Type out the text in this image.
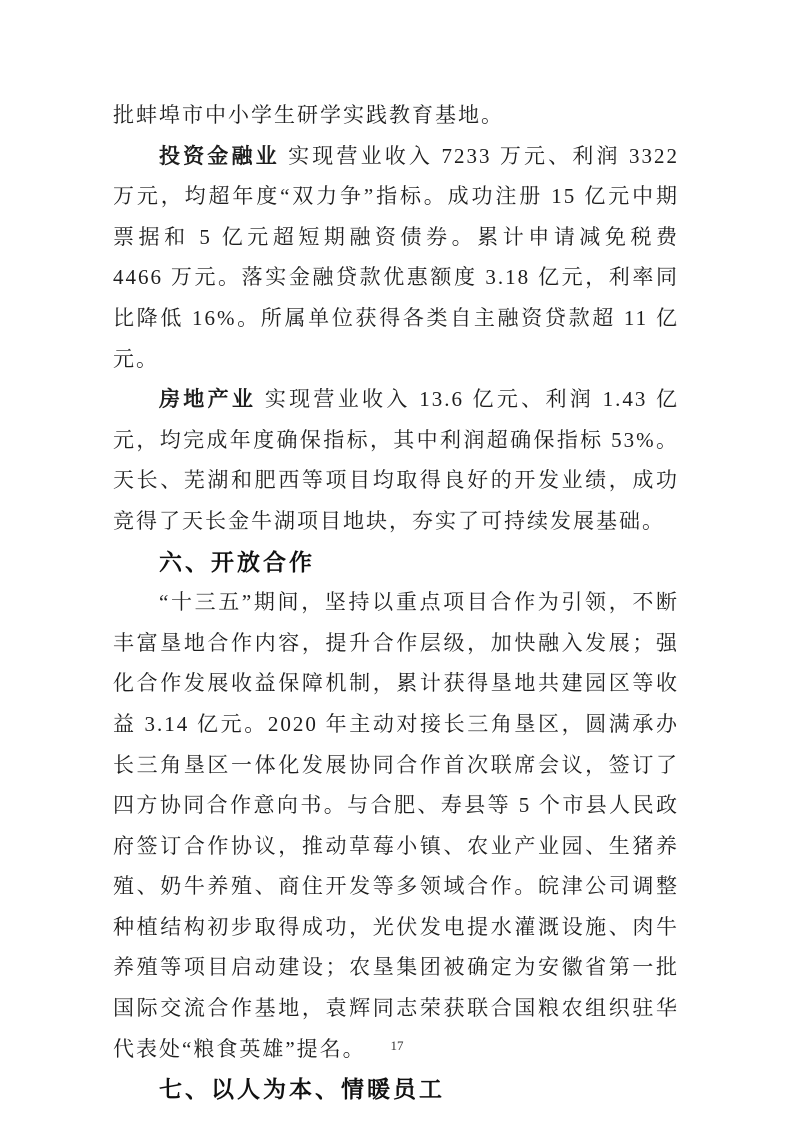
批蚌埠市中小学生研学实践教育基地。

投资金融业 实现营业收入 7233 万元、利润 3322 万元，均超年度“双力争”指标。成功注册 15 亿元中期票据和 5 亿元超短期融资债券。累计申请减免税费 4466 万元。落实金融贷款优惠额度 3.18 亿元，利率同比降低 16%。所属单位获得各类自主融资贷款超 11 亿元。

房地产业 实现营业收入 13.6 亿元、利润 1.43 亿元，均完成年度确保指标，其中利润超确保指标 53%。天长、芜湖和肥西等项目均取得良好的开发业绩，成功竞得了天长金牛湖项目地块，夯实了可持续发展基础。

六、开放合作

“十三五”期间，坚持以重点项目合作为引领，不断丰富垦地合作内容，提升合作层级，加快融入发展；强化合作发展收益保障机制，累计获得垦地共建园区等收益 3.14 亿元。2020 年主动对接长三角垦区，圆满承办长三角垦区一体化发展协同合作首次联席会议，签订了四方协同合作意向书。与合肥、寿县等 5 个市县人民政府签订合作协议，推动草莓小镇、农业产业园、生猪养殖、奶牛养殖、商住开发等多领域合作。皖津公司调整种植结构初步取得成功，光伏发电提水灌溉设施、肉牛养殖等项目启动建设；农垦集团被确定为安徽省第一批国际交流合作基地，袁辉同志荣获联合国粮农组织驻华代表处“粮食英雄”提名。

七、以人为本、情暖员工
17
